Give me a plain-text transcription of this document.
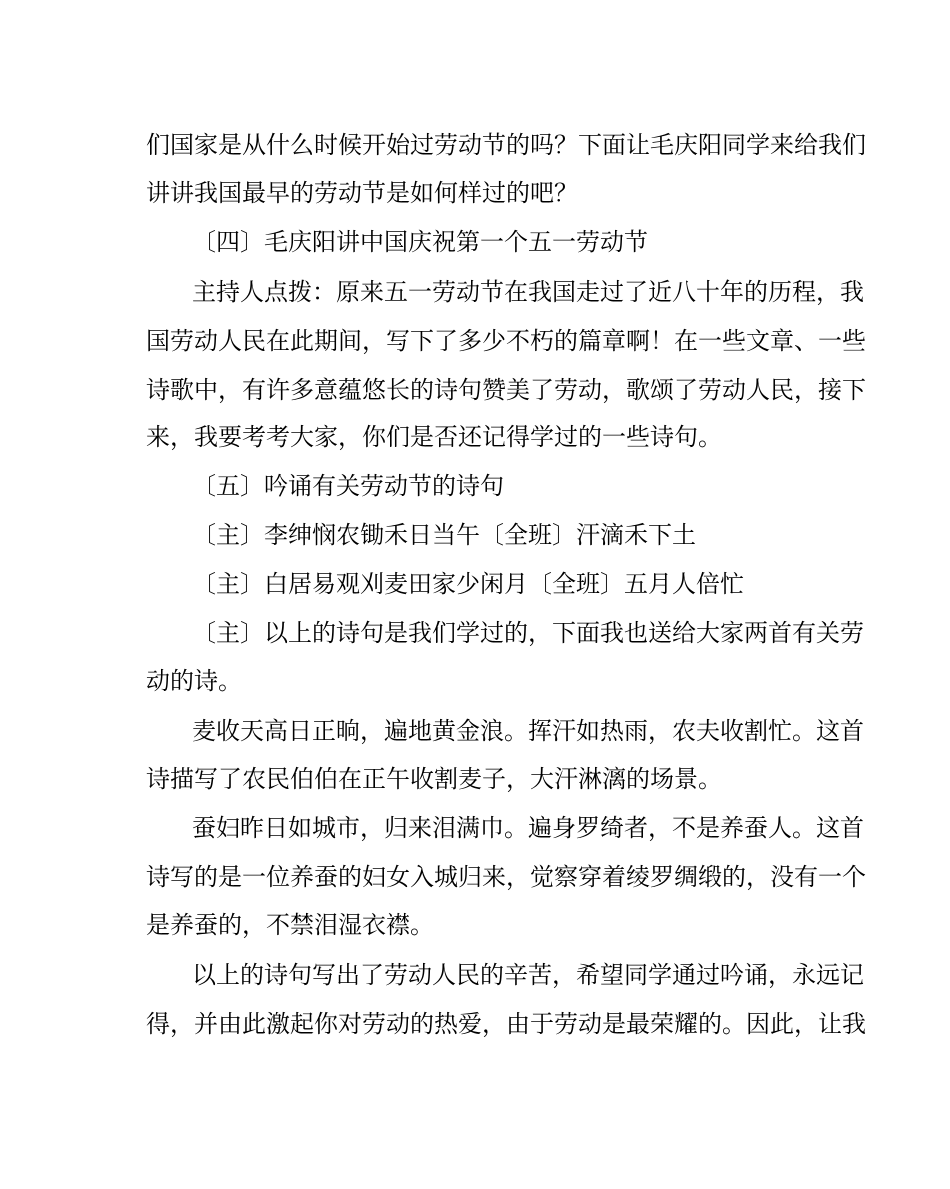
们国家是从什么时候开始过劳动节的吗？下面让毛庆阳同学来给我们
讲讲我国最早的劳动节是如何样过的吧？
〔四〕毛庆阳讲中国庆祝第一个五一劳动节
主持人点拨：原来五一劳动节在我国走过了近八十年的历程，我
国劳动人民在此期间，写下了多少不朽的篇章啊！在一些文章、一些
诗歌中，有许多意蕴悠长的诗句赞美了劳动，歌颂了劳动人民，接下
来，我要考考大家，你们是否还记得学过的一些诗句。
〔五〕吟诵有关劳动节的诗句
〔主〕李绅悯农锄禾日当午〔全班〕汗滴禾下土
〔主〕白居易观刈麦田家少闲月〔全班〕五月人倍忙
〔主〕以上的诗句是我们学过的，下面我也送给大家两首有关劳
动的诗。
麦收天高日正晌，遍地黄金浪。挥汗如热雨，农夫收割忙。这首
诗描写了农民伯伯在正午收割麦子，大汗淋漓的场景。
蚕妇昨日如城市，归来泪满巾。遍身罗绮者，不是养蚕人。这首
诗写的是一位养蚕的妇女入城归来，觉察穿着绫罗绸缎的，没有一个
是养蚕的，不禁泪湿衣襟。
以上的诗句写出了劳动人民的辛苦，希望同学通过吟诵，永远记
得，并由此激起你对劳动的热爱，由于劳动是最荣耀的。因此，让我
